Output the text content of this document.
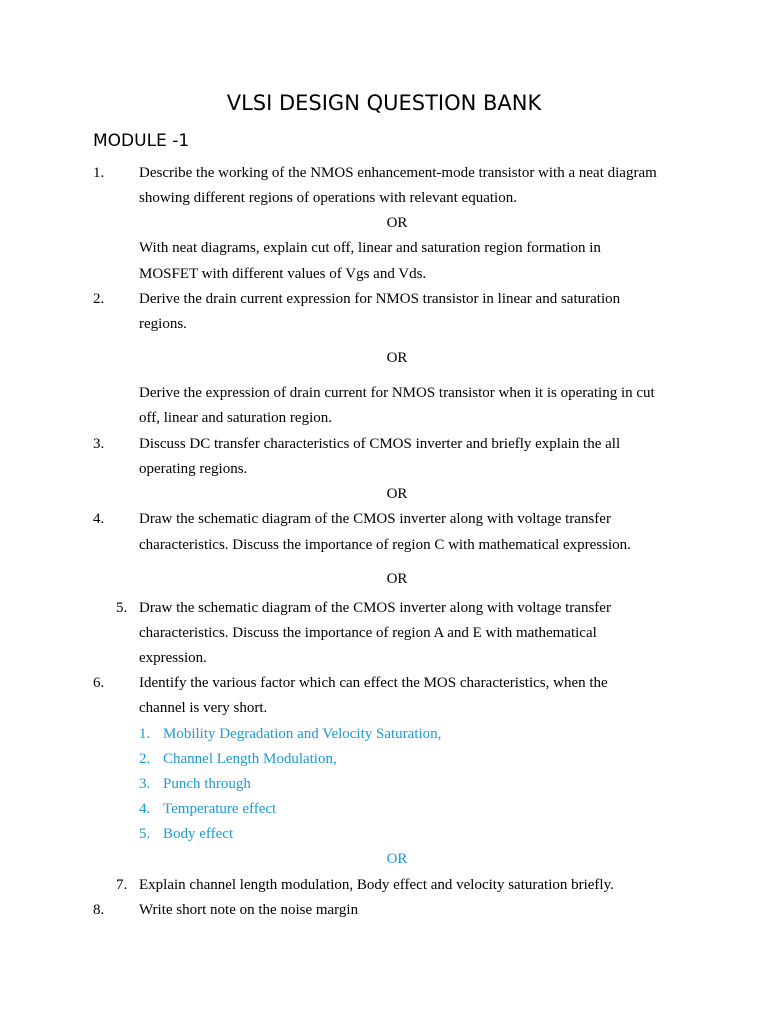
VLSI DESIGN QUESTION BANK
MODULE -1
1. Describe the working of the NMOS enhancement-mode transistor with a neat diagram
showing different regions of operations with relevant equation.
OR
With neat diagrams, explain cut off, linear and saturation region formation in
MOSFET with different values of Vgs and Vds.
2. Derive the drain current expression for NMOS transistor in linear and saturation
regions.
OR
Derive the expression of drain current for NMOS transistor when it is operating in cut
off, linear and saturation region.
3. Discuss DC transfer characteristics of CMOS inverter and briefly explain the all
operating regions.
OR
4. Draw the schematic diagram of the CMOS inverter along with voltage transfer
characteristics. Discuss the importance of region C with mathematical expression.
OR
5. Draw the schematic diagram of the CMOS inverter along with voltage transfer
characteristics. Discuss the importance of region A and E with mathematical
expression.
6. Identify the various factor which can effect the MOS characteristics, when the
channel is very short.
1. Mobility Degradation and Velocity Saturation,
2. Channel Length Modulation,
3. Punch through
4. Temperature effect
5. Body effect
OR
7. Explain channel length modulation, Body effect and velocity saturation briefly.
8. Write short note on the noise margin
